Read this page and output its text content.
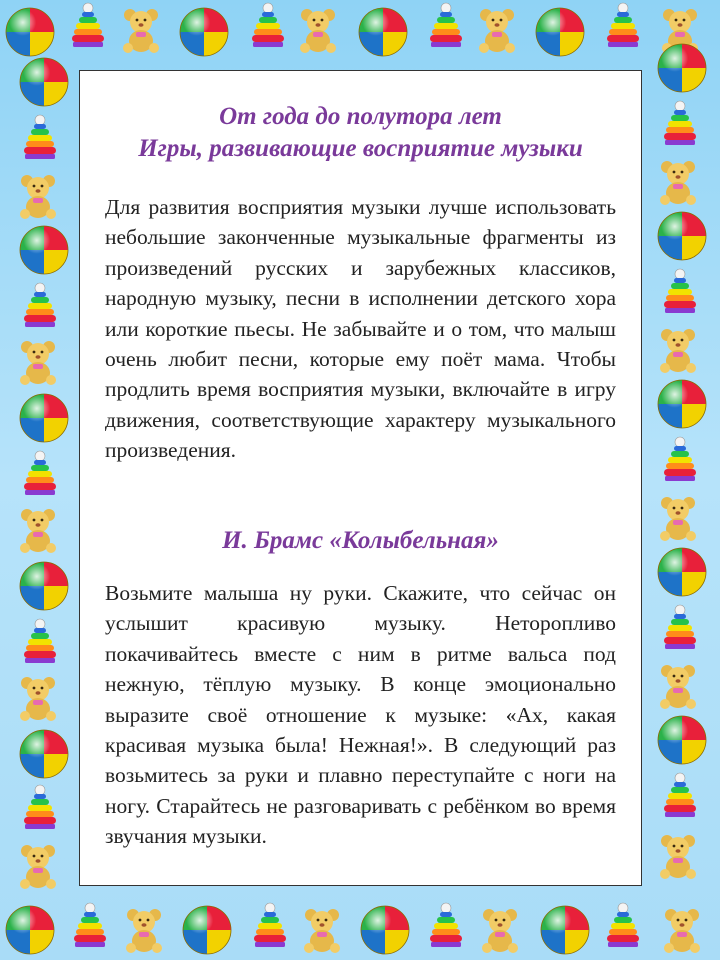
От года до полутора лет
Игры, развивающие восприятие музыки

Для развития восприятия музыки лучше использовать небольшие законченные музыкальные фрагменты из произведений русских и зарубежных классиков, народную музыку, песни в исполнении детского хора или короткие пьесы. Не забывайте и о том, что малыш очень любит песни, которые ему поёт мама. Чтобы продлить время восприятия музыки, включайте в игру движения, соответствующие характеру музыкального произведения.

И. Брамс «Колыбельная»

Возьмите малыша ну руки. Скажите, что сейчас он услышит красивую музыку. Неторопливо покачивайтесь вместе с ним в ритме вальса под нежную, тёплую музыку. В конце эмоционально выразите своё отношение к музыке: «Ах, какая красивая музыка была! Нежная!». В следующий раз возьмитесь за руки и плавно переступайте с ноги на ногу. Старайтесь не разговаривать с ребёнком во время звучания музыки.
